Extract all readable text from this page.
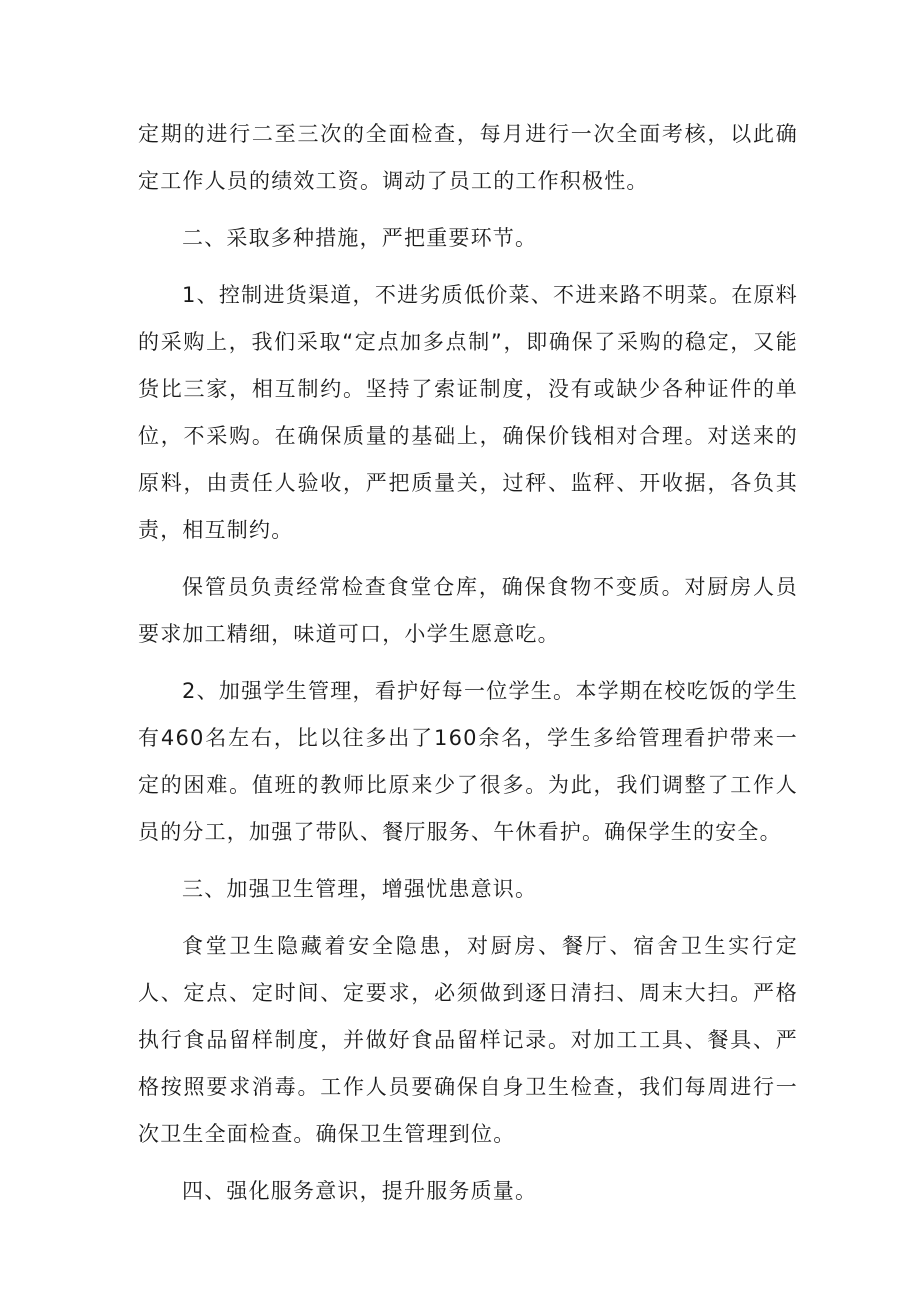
定期的进行二至三次的全面检查，每月进行一次全面考核，以此确定工作人员的绩效工资。调动了员工的工作积极性。

二、采取多种措施，严把重要环节。

1、控制进货渠道，不进劣质低价菜、不进来路不明菜。在原料的采购上，我们采取“定点加多点制”，即确保了采购的稳定，又能货比三家，相互制约。坚持了索证制度，没有或缺少各种证件的单位，不采购。在确保质量的基础上，确保价钱相对合理。对送来的原料，由责任人验收，严把质量关，过秤、监秤、开收据，各负其责，相互制约。

保管员负责经常检查食堂仓库，确保食物不变质。对厨房人员要求加工精细，味道可口，小学生愿意吃。

2、加强学生管理，看护好每一位学生。本学期在校吃饭的学生有460名左右，比以往多出了160余名，学生多给管理看护带来一定的困难。值班的教师比原来少了很多。为此，我们调整了工作人员的分工，加强了带队、餐厅服务、午休看护。确保学生的安全。

三、加强卫生管理，增强忧患意识。

食堂卫生隐藏着安全隐患，对厨房、餐厅、宿舍卫生实行定人、定点、定时间、定要求，必须做到逐日清扫、周末大扫。严格执行食品留样制度，并做好食品留样记录。对加工工具、餐具、严格按照要求消毒。工作人员要确保自身卫生检查，我们每周进行一次卫生全面检查。确保卫生管理到位。

四、强化服务意识，提升服务质量。
